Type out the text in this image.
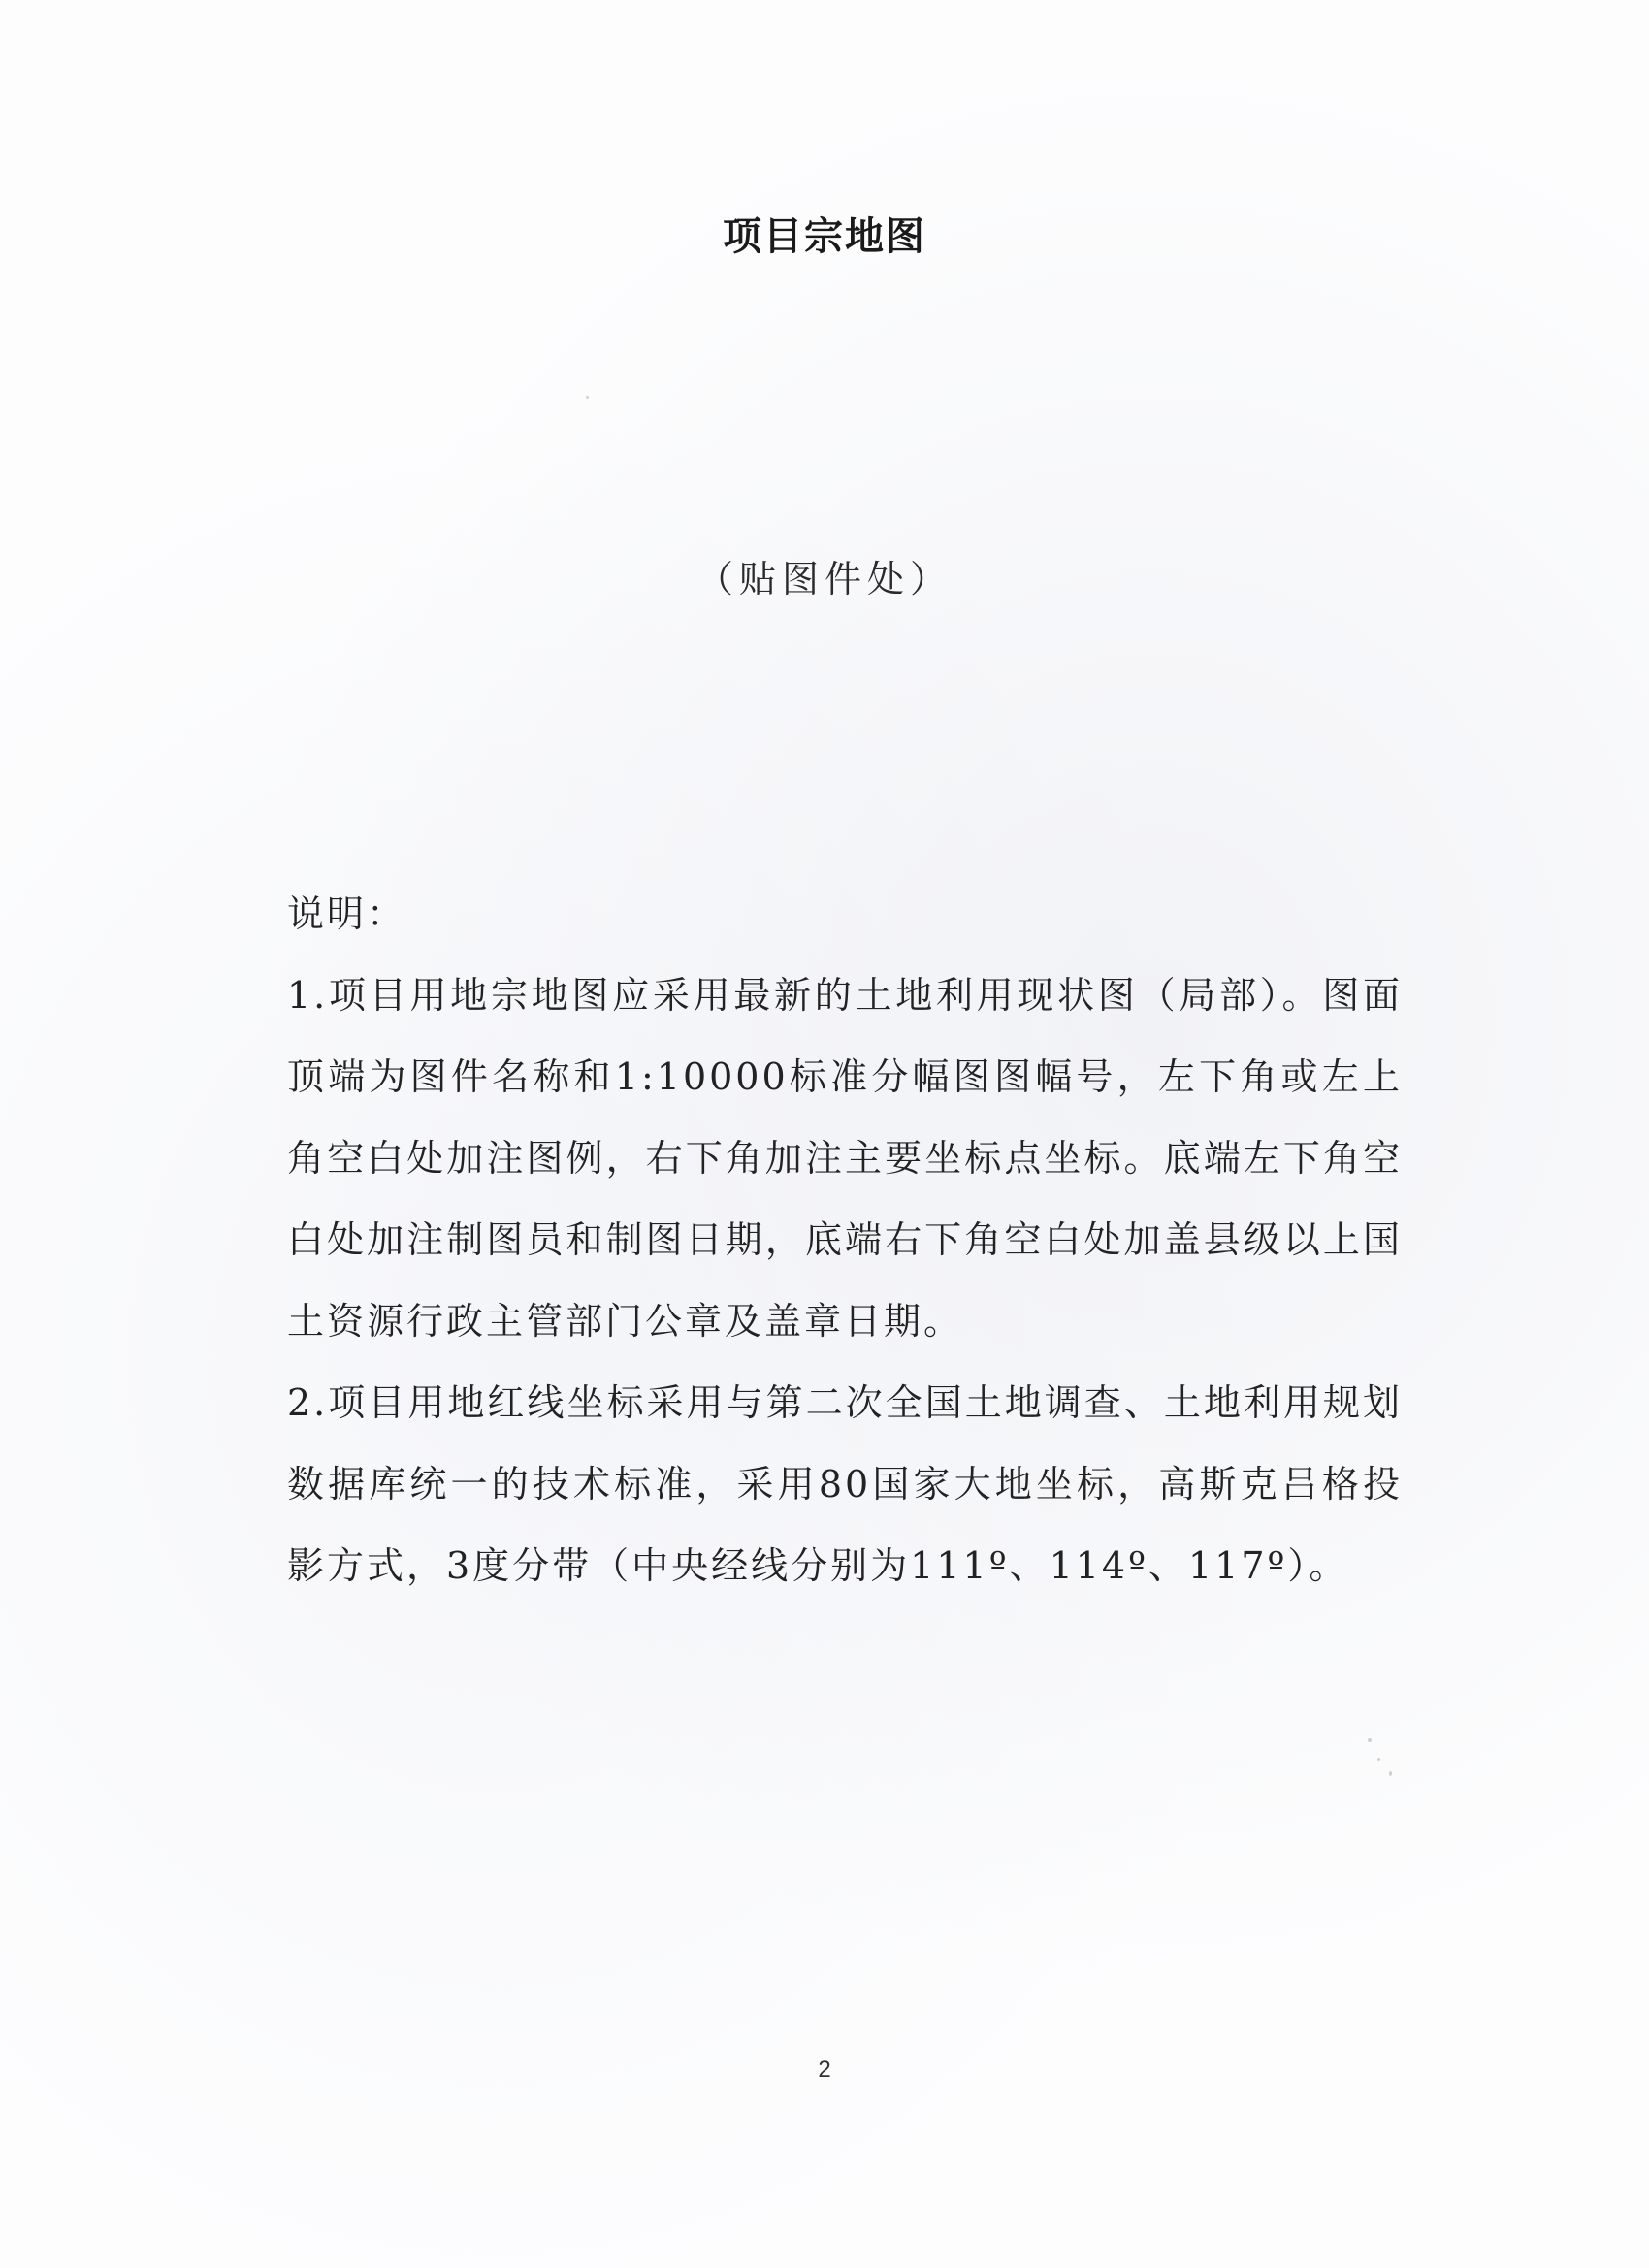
项目宗地图
（贴图件处）
说明：

1.项目用地宗地图应采用最新的土地利用现状图（局部）。图面顶端为图件名称和1:10000标准分幅图图幅号，左下角或左上角空白处加注图例，右下角加注主要坐标点坐标。底端左下角空白处加注制图员和制图日期，底端右下角空白处加盖县级以上国土资源行政主管部门公章及盖章日期。

2.项目用地红线坐标采用与第二次全国土地调查、土地利用规划数据库统一的技术标准，采用80国家大地坐标，高斯克吕格投影方式，3度分带（中央经线分别为111º、114º、117º）。

2
